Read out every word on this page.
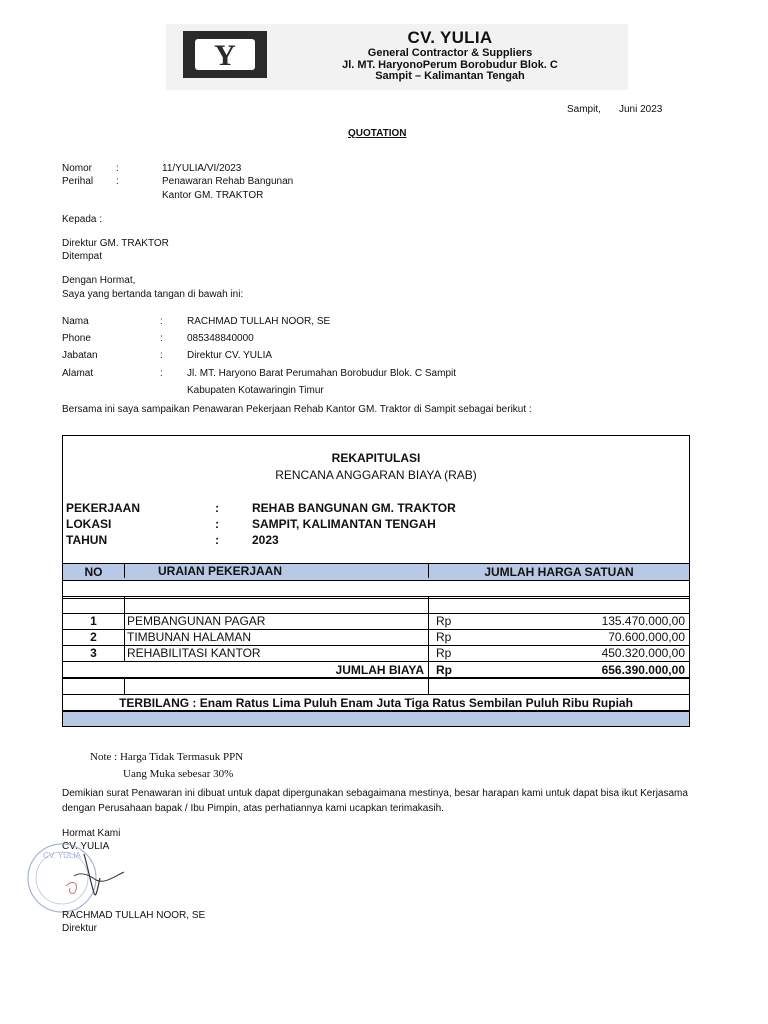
Y
CV. YULIA
General Contractor & Suppliers
Jl. MT. HaryonoPerum Borobudur Blok. C
Sampit – Kalimantan Tengah
Sampit, Juni 2023
QUOTATION
Nomor :	11/YULIA/VI/2023
Perihal :	Penawaran Rehab Bangunan
Kantor GM. TRAKTOR
Kepada :
Direktur GM. TRAKTOR
Ditempat
Dengan Hormat,
Saya yang bertanda tangan di bawah ini:
Nama	: RACHMAD TULLAH NOOR, SE
Phone	: 085348840000
Jabatan	: Direktur CV. YULIA
Alamat	: Jl. MT. Haryono Barat Perumahan Borobudur Blok. C Sampit
Kabupaten Kotawaringin Timur
Bersama ini saya sampaikan Penawaran Pekerjaan Rehab Kantor GM. Traktor di Sampit sebagai berikut :
REKAPITULASI
RENCANA ANGGARAN BIAYA (RAB)
PEKERJAAN	:	REHAB BANGUNAN GM. TRAKTOR
LOKASI	:	SAMPIT, KALIMANTAN TENGAH
TAHUN	:	2023
NO	URAIAN PEKERJAAN	JUMLAH HARGA SATUAN
1	PEMBANGUNAN PAGAR	Rp	135.470.000,00
2	TIMBUNAN HALAMAN	Rp	70.600.000,00
3	REHABILITASI KANTOR	Rp	450.320.000,00
JUMLAH BIAYA Rp	656.390.000,00
TERBILANG : Enam Ratus Lima Puluh Enam Juta Tiga Ratus Sembilan Puluh Ribu Rupiah
Note : Harga Tidak Termasuk PPN
Uang Muka sebesar 30%
Demikian surat Penawaran ini dibuat untuk dapat dipergunakan sebagaimana mestinya, besar harapan kami untuk dapat bisa ikut Kerjasama
dengan Perusahaan bapak / Ibu Pimpin, atas perhatiannya kami ucapkan terimakasih.
Hormat Kami
CV. YULIA
CV. YULIA
RACHMAD TULLAH NOOR, SE
Direktur
